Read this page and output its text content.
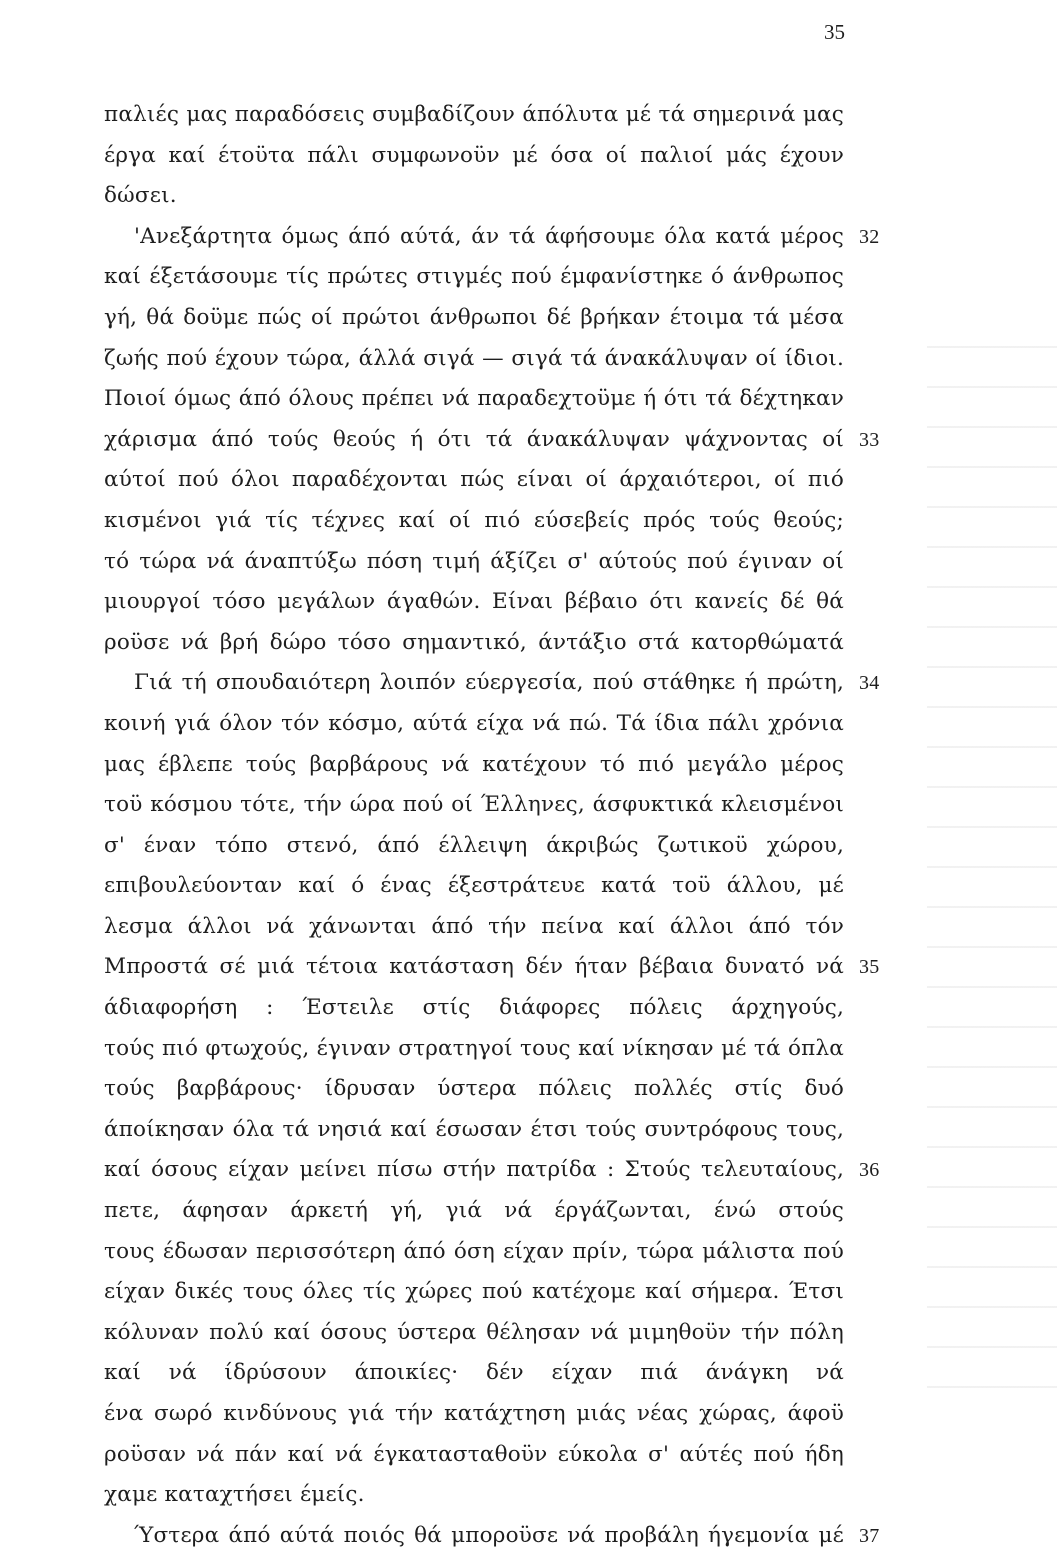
35
παλιές μας παραδόσεις συμβαδίζουν άπόλυτα μέ τά σημερινά μας
έργα καί έτοϋτα πάλι συμφωνοϋν μέ όσα οί παλιοί μάς έχουν
δώσει.
'Ανεξάρτητα όμως άπό αύτά, άν τά άφήσουμε όλα κατά μέρος 32
καί έξετάσουμε τίς πρώτες στιγμές πού έμφανίστηκε ό άνθρωπος
γή, θά δοϋμε πώς οί πρώτοι άνθρωποι δέ βρήκαν έτοιμα τά μέσα
ζωής πού έχουν τώρα, άλλά σιγά — σιγά τά άνακάλυψαν οί ίδιοι.
Ποιοί όμως άπό όλους πρέπει νά παραδεχτοϋμε ή ότι τά δέχτηκαν
χάρισμα άπό τούς θεούς ή ότι τά άνακάλυψαν ψάχνοντας οί 33
αύτοί πού όλοι παραδέχονται πώς είναι οί άρχαιότεροι, οί πιό
κισμένοι γιά τίς τέχνες καί οί πιό εύσεβείς πρός τούς θεούς;
τό τώρα νά άναπτύξω πόση τιμή άξίζει σ' αύτούς πού έγιναν οί
μιουργοί τόσο μεγάλων άγαθών. Είναι βέβαιο ότι κανείς δέ θά
ροϋσε νά βρή δώρο τόσο σημαντικό, άντάξιο στά κατορθώματά
Γιά τή σπουδαιότερη λοιπόν εύεργεσία, πού στάθηκε ή πρώτη, 34
κοινή γιά όλον τόν κόσμο, αύτά είχα νά πώ. Τά ίδια πάλι χρόνια
μας έβλεπε τούς βαρβάρους νά κατέχουν τό πιό μεγάλο μέρος
τοϋ κόσμου τότε, τήν ώρα πού οί Έλληνες, άσφυκτικά κλεισμένοι
σ' έναν τόπο στενό, άπό έλλειψη άκριβώς ζωτικοϋ χώρου,
επιβουλεύονταν καί ό ένας έξεστράτευε κατά τοϋ άλλου, μέ
λεσμα άλλοι νά χάνωνται άπό τήν πείνα καί άλλοι άπό τόν
Μπροστά σέ μιά τέτοια κατάσταση δέν ήταν βέβαια δυνατό νά 35
άδιαφορήση : Έστειλε στίς διάφορες πόλεις άρχηγούς,
τούς πιό φτωχούς, έγιναν στρατηγοί τους καί νίκησαν μέ τά όπλα
τούς βαρβάρους· ίδρυσαν ύστερα πόλεις πολλές στίς δυό
άποίκησαν όλα τά νησιά καί έσωσαν έτσι τούς συντρόφους τους,
καί όσους είχαν μείνει πίσω στήν πατρίδα : Στούς τελευταίους, 36
πετε, άφησαν άρκετή γή, γιά νά έργάζωνται, ένώ στούς
τους έδωσαν περισσότερη άπό όση είχαν πρίν, τώρα μάλιστα πού
είχαν δικές τους όλες τίς χώρες πού κατέχομε καί σήμερα. Έτσι
κόλυναν πολύ καί όσους ύστερα θέλησαν νά μιμηθοϋν τήν πόλη
καί νά ίδρύσουν άποικίες· δέν είχαν πιά άνάγκη νά
ένα σωρό κινδύνους γιά τήν κατάχτηση μιάς νέας χώρας, άφοϋ
ροϋσαν νά πάν καί νά έγκατασταθοϋν εύκολα σ' αύτές πού ήδη
χαμε καταχτήσει έμείς.
Ύστερα άπό αύτά ποιός θά μποροϋσε νά προβάλη ήγεμονία μέ 37
